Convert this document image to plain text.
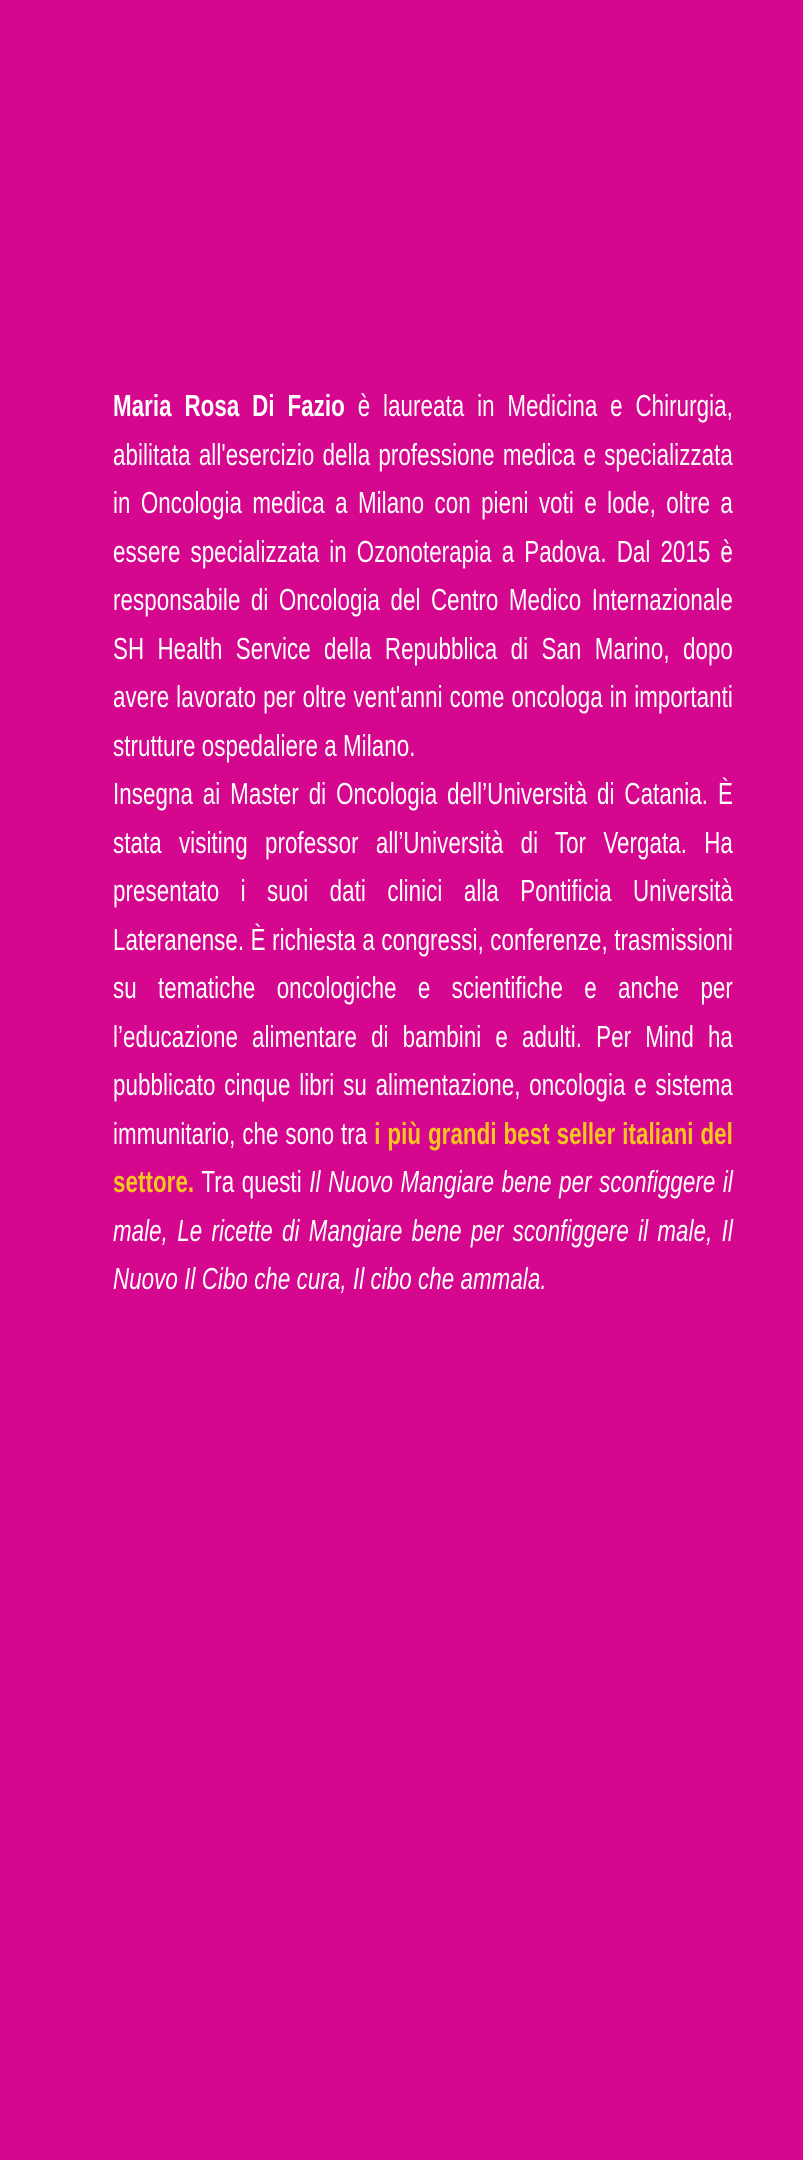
Maria Rosa Di Fazio è laureata in Medicina e Chirurgia, abilitata all'esercizio della professione medica e specializzata in Oncologia medica a Milano con pieni voti e lode, oltre a essere specializzata in Ozonoterapia a Padova. Dal 2015 è responsabile di Oncologia del Centro Medico Internazionale SH Health Service della Repubblica di San Marino, dopo avere lavorato per oltre vent'anni come oncologa in importanti strutture ospedaliere a Milano.

Insegna ai Master di Oncologia dell’Università di Catania. È stata visiting professor all’Università di Tor Vergata. Ha presentato i suoi dati clinici alla Pontificia Università Lateranense. È richiesta a congressi, conferenze, trasmissioni su tematiche oncologiche e scientifiche e anche per l’educazione alimentare di bambini e adulti. Per Mind ha pubblicato cinque libri su alimentazione, oncologia e sistema immunitario, che sono tra i più grandi best seller italiani del settore. Tra questi Il Nuovo Mangiare bene per sconfiggere il male, Le ricette di Mangiare bene per sconfiggere il male, Il Nuovo Il Cibo che cura, Il cibo che ammala.
